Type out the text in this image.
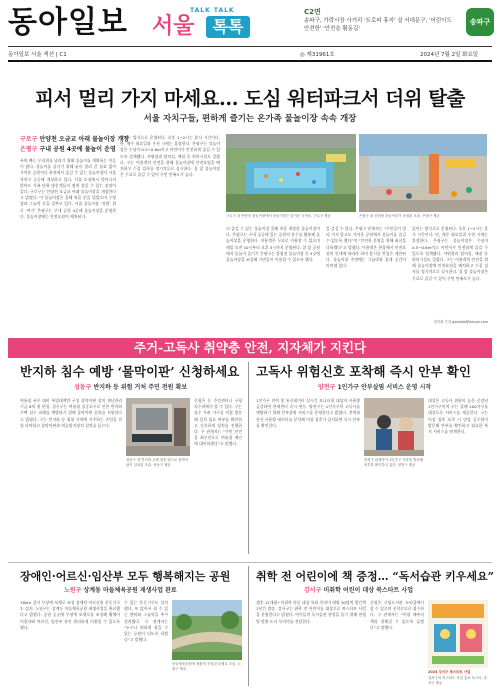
동아일보	TALK TALK
서울	톡톡
C2면
송파구, 가락시장 사거리 '트로피 휴지' 설 서대문구, '어린이도 안전한' '안전을 활동길'
송파구
동아일보 서울 섹션 | C1	◎ 제31961호	2024년 7월 2일 화요일
피서 멀리 가지 마세요… 도심 워터파크서 더위 탈출
서울 자치구들, 편하게 즐기는 온가족 물놀이장 속속 개장
구로구 안양천 오금교 아래 물놀이장 개장
은평구 구내 공원 4곳에 물놀이 운영
폭북 빠는 무더위를 날리기 위해 물놀이를 계획하는 이들이 많다. 물놀이를 즐기기 위해 굳이 멀리 갈 필요 없이 가까운 공원이나 하천에서 즐길 수 있는 물놀이장이 서울 자치구 곳곳에 개장하고 있다. 서울 도심에서 벗어나지 않아도 가족 단위 방문객들이 쉽게 찾을 수 있는 장점이 있다. 구로구는 안양천 오금교 아래 물놀이장을 개장한다고 밝혔다. 이 물놀이장은 올해 처음 문을 열었으며 수영장과 그늘막 등을 갖추고 있다. 서울 물놀이장 ‘첫발’ 위로 ‘여기’ 은평구는 구내 공원 4곳에 물놀이장을 운영한다. 물놀이장에는 안전요원이 배치된다.
있어는 방식으로 운영된다. 오후 1∼2시는 휴식 시간이다. 단, 매주 월요일과 우천 시에는 휴장한다. 은평구는 물놀이장은 수심이 0.5∼0.6m이고 어린이가 안전하게 즐길 수 있도록 설계됐다. 샤워장과 탈의실, 매점 등 편의시설도 갖췄다. 구는 이용객의 안전을 위해 물놀이장에 안전요원을 배치하고 수질 검사를 정기적으로 실시한다. 집 앞 물놀이장은 무료로 즐길 수 있어 주민 만족도가 높다.
구로구 내 안양천 물놀이장에서 물놀이하는 즐거운 시민들. 구로구 제공	은평구 내 공원에 물놀이터가 조성된 모습. 은평구 제공
더 즐길 수 있는 물놀이장 올해 처음 개장한 물놀이장이다. 은평구는 구내 곳곳에 있는 공원의 분수를 활용해 물놀이장을 운영한다. 이용객은 무료로 이용할 수 있으며 매일 오전 10시부터 오후 5시까지 운영된다. 집 앞 공원에서 물놀이 즐기기 은평구는 불광천 물놀이장 등 4곳에 물놀이장을 조성해 시민들이 이용할 수 있도록 했다.
을 즐길 수 있다. 은평구 관계자는 “주민들이 멀리 가지 않고도 가까운 공원에서 물놀이를 즐길 수 있도록 했다”며 “안전한 운영을 위해 최선을 다하겠다”고 말했다. 이용객은 현장에서 안전요원의 안내에 따라야 하며 음식물 반입은 제한된다. 물놀이장 주변에는 그늘막과 휴게 공간이 마련돼 있다.
있어는 방식으로 운영된다. 오후 1∼2시는 휴식 시간이다. 단, 매주 월요일과 우천 시에는 휴장한다. 은평구는 물놀이장은 수심이 0.5∼0.6m이고 어린이가 안전하게 즐길 수 있도록 설계됐다. 샤워장과 탈의실, 매점 등 편의시설도 갖췄다. 구는 이용객의 안전을 위해 물놀이장에 안전요원을 배치하고 수질 검사를 정기적으로 실시한다. 집 앞 물놀이장은 무료로 즐길 수 있어 주민 만족도가 높다.
정진희 기자 goodjob@donga.com
주거-고독사 취약층 안전, 지자체가 지킨다
반지하 침수 예방 ‘물막이판’ 신청하세요
성동구 반지하 등 위험 거처 주민 전원 확보
여름철 폭우 대비 특별대책반 구성 물막이판 설치 재난관리기금 6억 원 편성. 성동구는 여름철 집중호우로 인한 반지하 주택 침수 피해를 예방하기 위해 물막이판 설치를 지원한다고 밝혔다. 구는 반지하 등 위험 거처에 거주하는 주민을 전원 파악하고 물막이판과 역류방지장치 설치를 돕는다.
성동구 내 반지하 주택 창문 옆으로 물막이판이 설치된 모습. 성동구 제공
신청은 동 주민센터나 구청 치수과에서 할 수 있다. 구는 침수 우려 가구를 직접 방문해 설치 필요 여부를 확인하고 신속하게 설치를 진행한다. 구 관계자는 “주민 안전을 최우선으로 여름철 재난에 대비하겠다”고 말했다.
고독사 위험신호 포착해 즉시 안부 확인
양천구 1인가구 안부살핌 서비스 운영 시작
1인가구 전력 및 통신데이터 실시간 모니터링 대상자 사용량 급감하면 관제센터 즉시 연동. 양천구는 1인가구의 고독사를 예방하기 위해 안부살핌 서비스를 운영한다고 밝혔다. 전력과 통신 사용량 데이터를 분석해 이상 징후가 감지되면 즉시 안부를 확인한다.
양천구 관계자가 1인가구 가정을 방문해 안부를 확인하고 있다. 양천구 제공
대상은 고독사 위험이 높은 중장년 1인가구이며 구는 올해 200가구를 대상으로 서비스를 제공한다. 구는 이상 징후 포착 시 담당 공무원이 방문해 안부를 확인하고 필요한 복지 서비스를 연계한다.
장애인·어르신·임산부 모두 행복해지는 공원
노원구 상계동 마들체육공원 재생사업 완료
780m 걸이 무장애 보행로 조성 장애인·어르신용 운동기구도 설치. 노원구는 상계동 마들체육공원 재생사업을 완료했다고 밝혔다. 공원 곳곳에 무장애 보행로를 조성해 휠체어 이용자와 어르신, 임산부 등이 편리하게 이용할 수 있도록 했다.
수 있는 운동기구도 설치했다. 또 앉아서 쉴 수 있는 벤치와 그늘막을 추가 설치했다. 구 관계자는 “누구나 편하게 찾을 수 있는 공원이 되도록 하겠다”고 말했다.
마들체육공원에 새롭게 조성된 보행로 모습. 노원구 제공
취학 전 어린이에 책 증정… “독서습관 키우세요”
강서구 미취학 어린이 대상 북스타트 사업
생후 12개월∼미취학 아동 대상 특화 꾸러미 매월 30명씩 발간책 1년간 발송. 강서구는 취학 전 어린이를 대상으로 북스타트 사업을 운영한다고 밝혔다. 아이들의 독서습관 형성을 돕기 위해 연령별 맞춤 도서 꾸러미를 전달한다.
신청은 구립도서관 누리집에서 할 수 있으며 선착순으로 접수한다. 구 관계자는 “어릴 때부터 책과 친해질 수 있도록 돕겠다”고 말했다.
2024 강서구 북스타트 사업
강서구의 북스타트 사업 홍보 포스터. 강서구 제공
